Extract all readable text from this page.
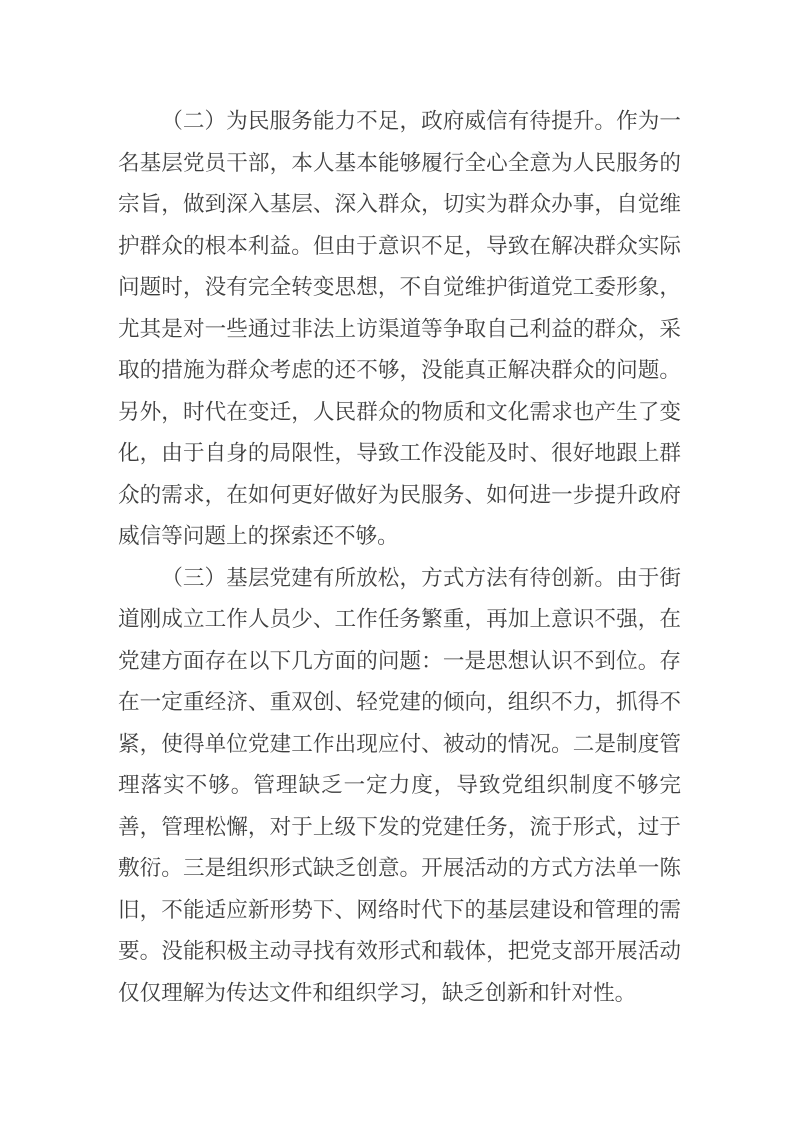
（二）为民服务能力不足，政府威信有待提升。作为一名基层党员干部，本人基本能够履行全心全意为人民服务的宗旨，做到深入基层、深入群众，切实为群众办事，自觉维护群众的根本利益。但由于意识不足，导致在解决群众实际问题时，没有完全转变思想，不自觉维护街道党工委形象，尤其是对一些通过非法上访渠道等争取自己利益的群众，采取的措施为群众考虑的还不够，没能真正解决群众的问题。另外，时代在变迁，人民群众的物质和文化需求也产生了变化，由于自身的局限性，导致工作没能及时、很好地跟上群众的需求，在如何更好做好为民服务、如何进一步提升政府威信等问题上的探索还不够。

（三）基层党建有所放松，方式方法有待创新。由于街道刚成立工作人员少、工作任务繁重，再加上意识不强，在党建方面存在以下几方面的问题：一是思想认识不到位。存在一定重经济、重双创、轻党建的倾向，组织不力，抓得不紧，使得单位党建工作出现应付、被动的情况。二是制度管理落实不够。管理缺乏一定力度，导致党组织制度不够完善，管理松懈，对于上级下发的党建任务，流于形式，过于敷衍。三是组织形式缺乏创意。开展活动的方式方法单一陈旧，不能适应新形势下、网络时代下的基层建设和管理的需要。没能积极主动寻找有效形式和载体，把党支部开展活动仅仅理解为传达文件和组织学习，缺乏创新和针对性。
